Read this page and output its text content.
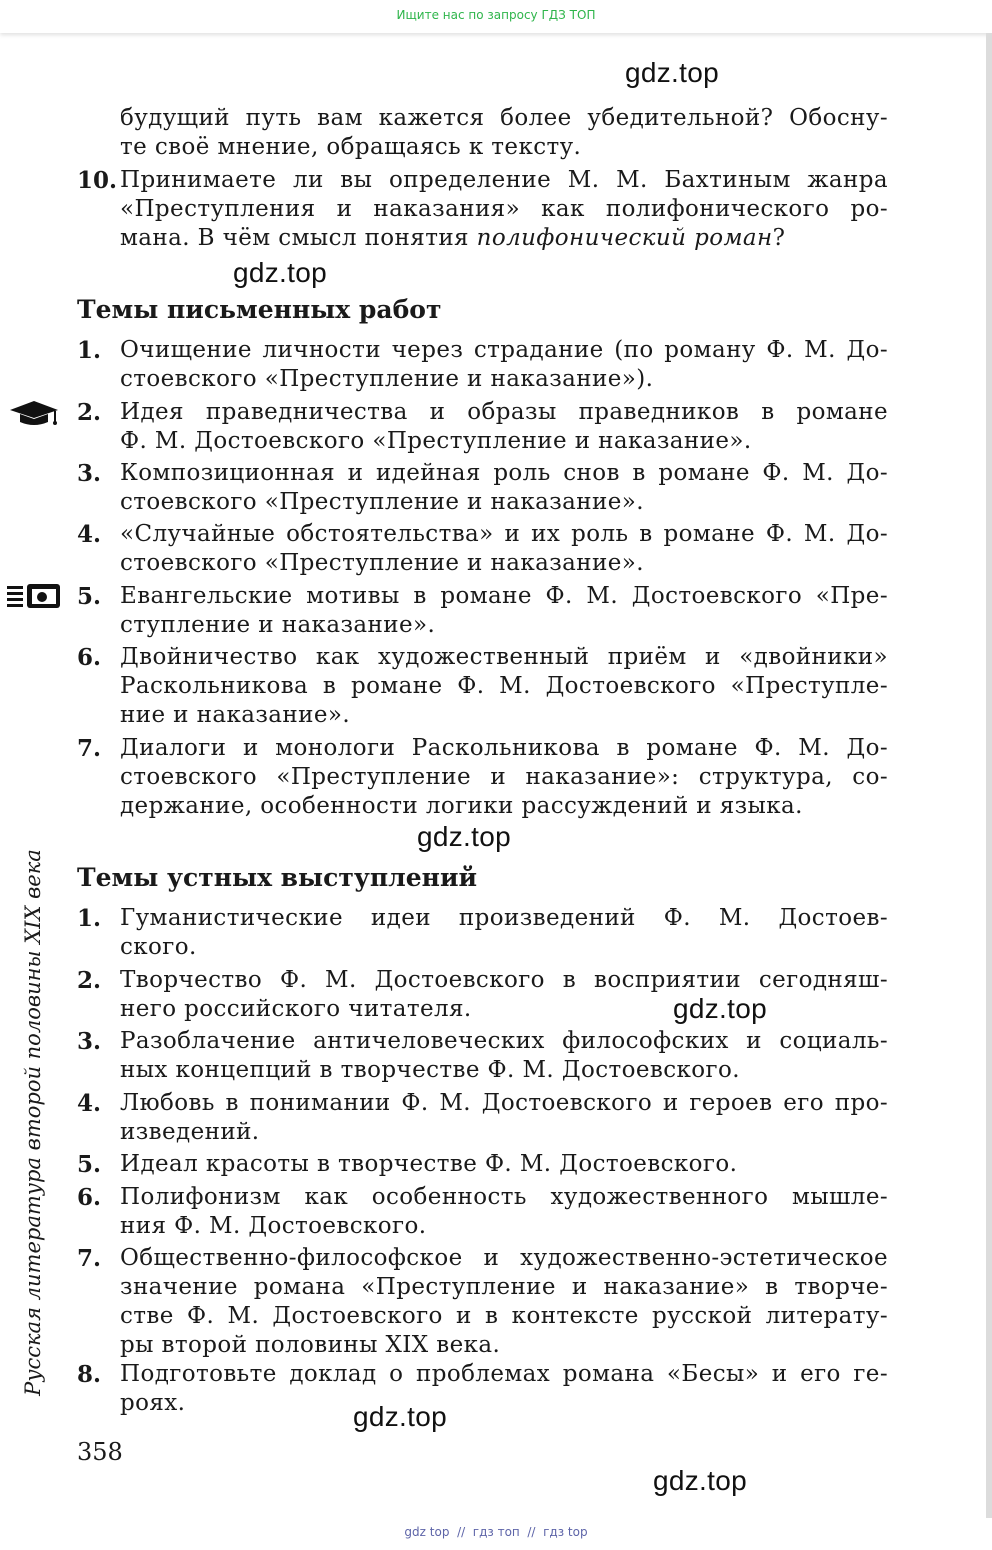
Ищите нас по запросу ГДЗ ТОП
gdz.top
gdz.top
gdz.top
gdz.top
gdz.top
gdz.top
будущий путь вам кажется более убедительной? Обосну-
те своё мнение, обращаясь к тексту.
10. Принимаете ли вы определение М. М. Бахтиным жанра
«Преступления и наказания» как полифонического ро-
мана. В чём смысл понятия полифонический роман?
Темы письменных работ
1. Очищение личности через страдание (по роману Ф. М. До-
стоевского «Преступление и наказание»).
2. Идея праведничества и образы праведников в романе
Ф. М. Достоевского «Преступление и наказание».
3. Композиционная и идейная роль снов в романе Ф. М. До-
стоевского «Преступление и наказание».
4. «Случайные обстоятельства» и их роль в романе Ф. М. До-
стоевского «Преступление и наказание».
5. Евангельские мотивы в романе Ф. М. Достоевского «Пре-
ступление и наказание».
6. Двойничество как художественный приём и «двойники»
Раскольникова в романе Ф. М. Достоевского «Преступле-
ние и наказание».
7. Диалоги и монологи Раскольникова в романе Ф. М. До-
стоевского «Преступление и наказание»: структура, со-
держание, особенности логики рассуждений и языка.
Темы устных выступлений
1. Гуманистические идеи произведений Ф. М. Достоев-
ского.
2. Творчество Ф. М. Достоевского в восприятии сегодняш-
него российского читателя.
3. Разоблачение античеловеческих философских и социаль-
ных концепций в творчестве Ф. М. Достоевского.
4. Любовь в понимании Ф. М. Достоевского и героев его про-
изведений.
5. Идеал красоты в творчестве Ф. М. Достоевского.
6. Полифонизм как особенность художественного мышле-
ния Ф. М. Достоевского.
7. Общественно-философское и художественно-эстетическое
значение романа «Преступление и наказание» в творче-
стве Ф. М. Достоевского и в контексте русской литерату-
ры второй половины XIX века.
8. Подготовьте доклад о проблемах романа «Бесы» и его ге-
роях.
Русская литература второй половины XIX века
358
gdz top  //  гдз топ  //  гдз top
